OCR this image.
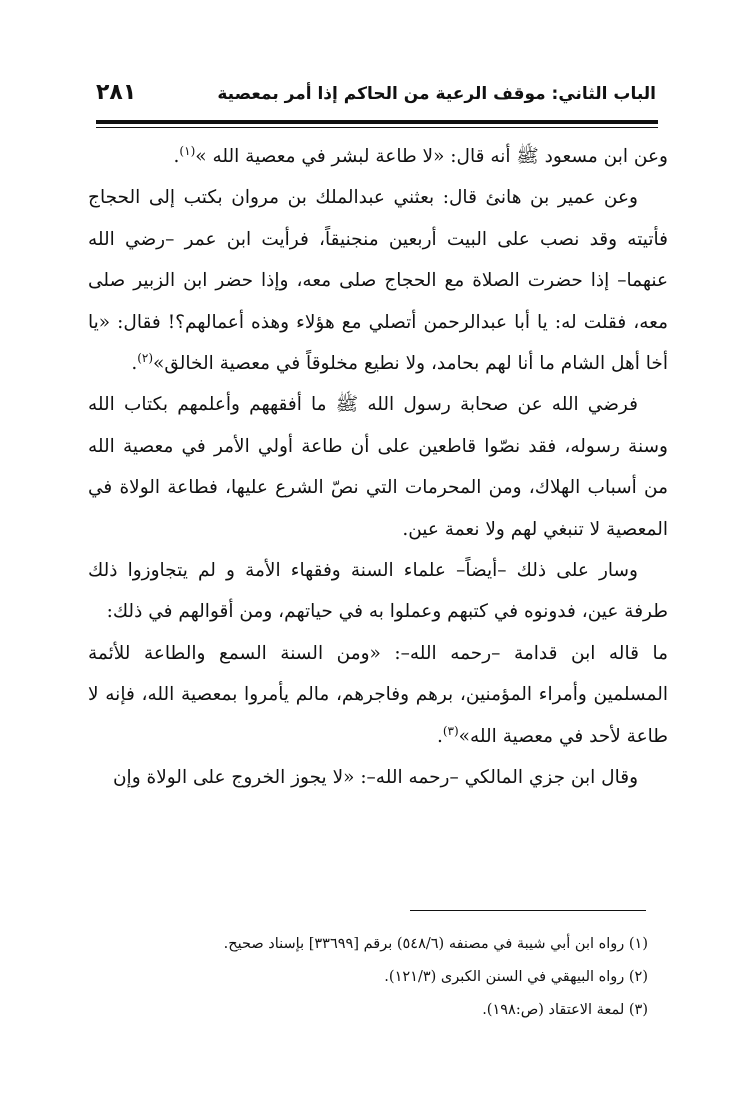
الباب الثاني: موقف الرعية من الحاكم إذا أمر بمعصية
٢٨١

وعن ابن مسعود ﷺ أنه قال: «لا طاعة لبشر في معصية الله »$^{(١)}$.

وعن عمير بن هانئ قال: بعثني عبدالملك بن مروان بكتب إلى الحجاج فأتيته وقد نصب على البيت أربعين منجنيقاً، فرأيت ابن عمر –رضي الله عنهما– إذا حضرت الصلاة مع الحجاج صلى معه، وإذا حضر ابن الزبير صلى معه، فقلت له: يا أبا عبدالرحمن أتصلي مع هؤلاء وهذه أعمالهم؟! فقال: «يا أخا أهل الشام ما أنا لهم بحامد، ولا نطيع مخلوقاً في معصية الخالق»$^{(٢)}$.

فرضي الله عن صحابة رسول الله ﷺ ما أفقههم وأعلمهم بكتاب الله وسنة رسوله، فقد نصّوا قاطعين على أن طاعة أولي الأمر في معصية الله من أسباب الهلاك، ومن المحرمات التي نصّ الشرع عليها، فطاعة الولاة في المعصية لا تنبغي لهم ولا نعمة عين.

وسار على ذلك –أيضاً– علماء السنة وفقهاء الأمة و لم يتجاوزوا ذلك طرفة عين، فدونوه في كتبهم وعملوا به في حياتهم، ومن أقوالهم في ذلك:

ما قاله ابن قدامة –رحمه الله–: «ومن السنة السمع والطاعة للأئمة المسلمين وأمراء المؤمنين، برهم وفاجرهم، مالم يأمروا بمعصية الله، فإنه لا طاعة لأحد في معصية الله»$^{(٣)}$.

وقال ابن جزي المالكي –رحمه الله–: «لا يجوز الخروج على الولاة وإن

(١) رواه ابن أبي شيبة في مصنفه (٥٤٨/٦) برقم [٣٣٦٩٩] بإسناد صحيح.
(٢) رواه البيهقي في السنن الكبرى (١٢١/٣).
(٣) لمعة الاعتقاد (ص:١٩٨).
